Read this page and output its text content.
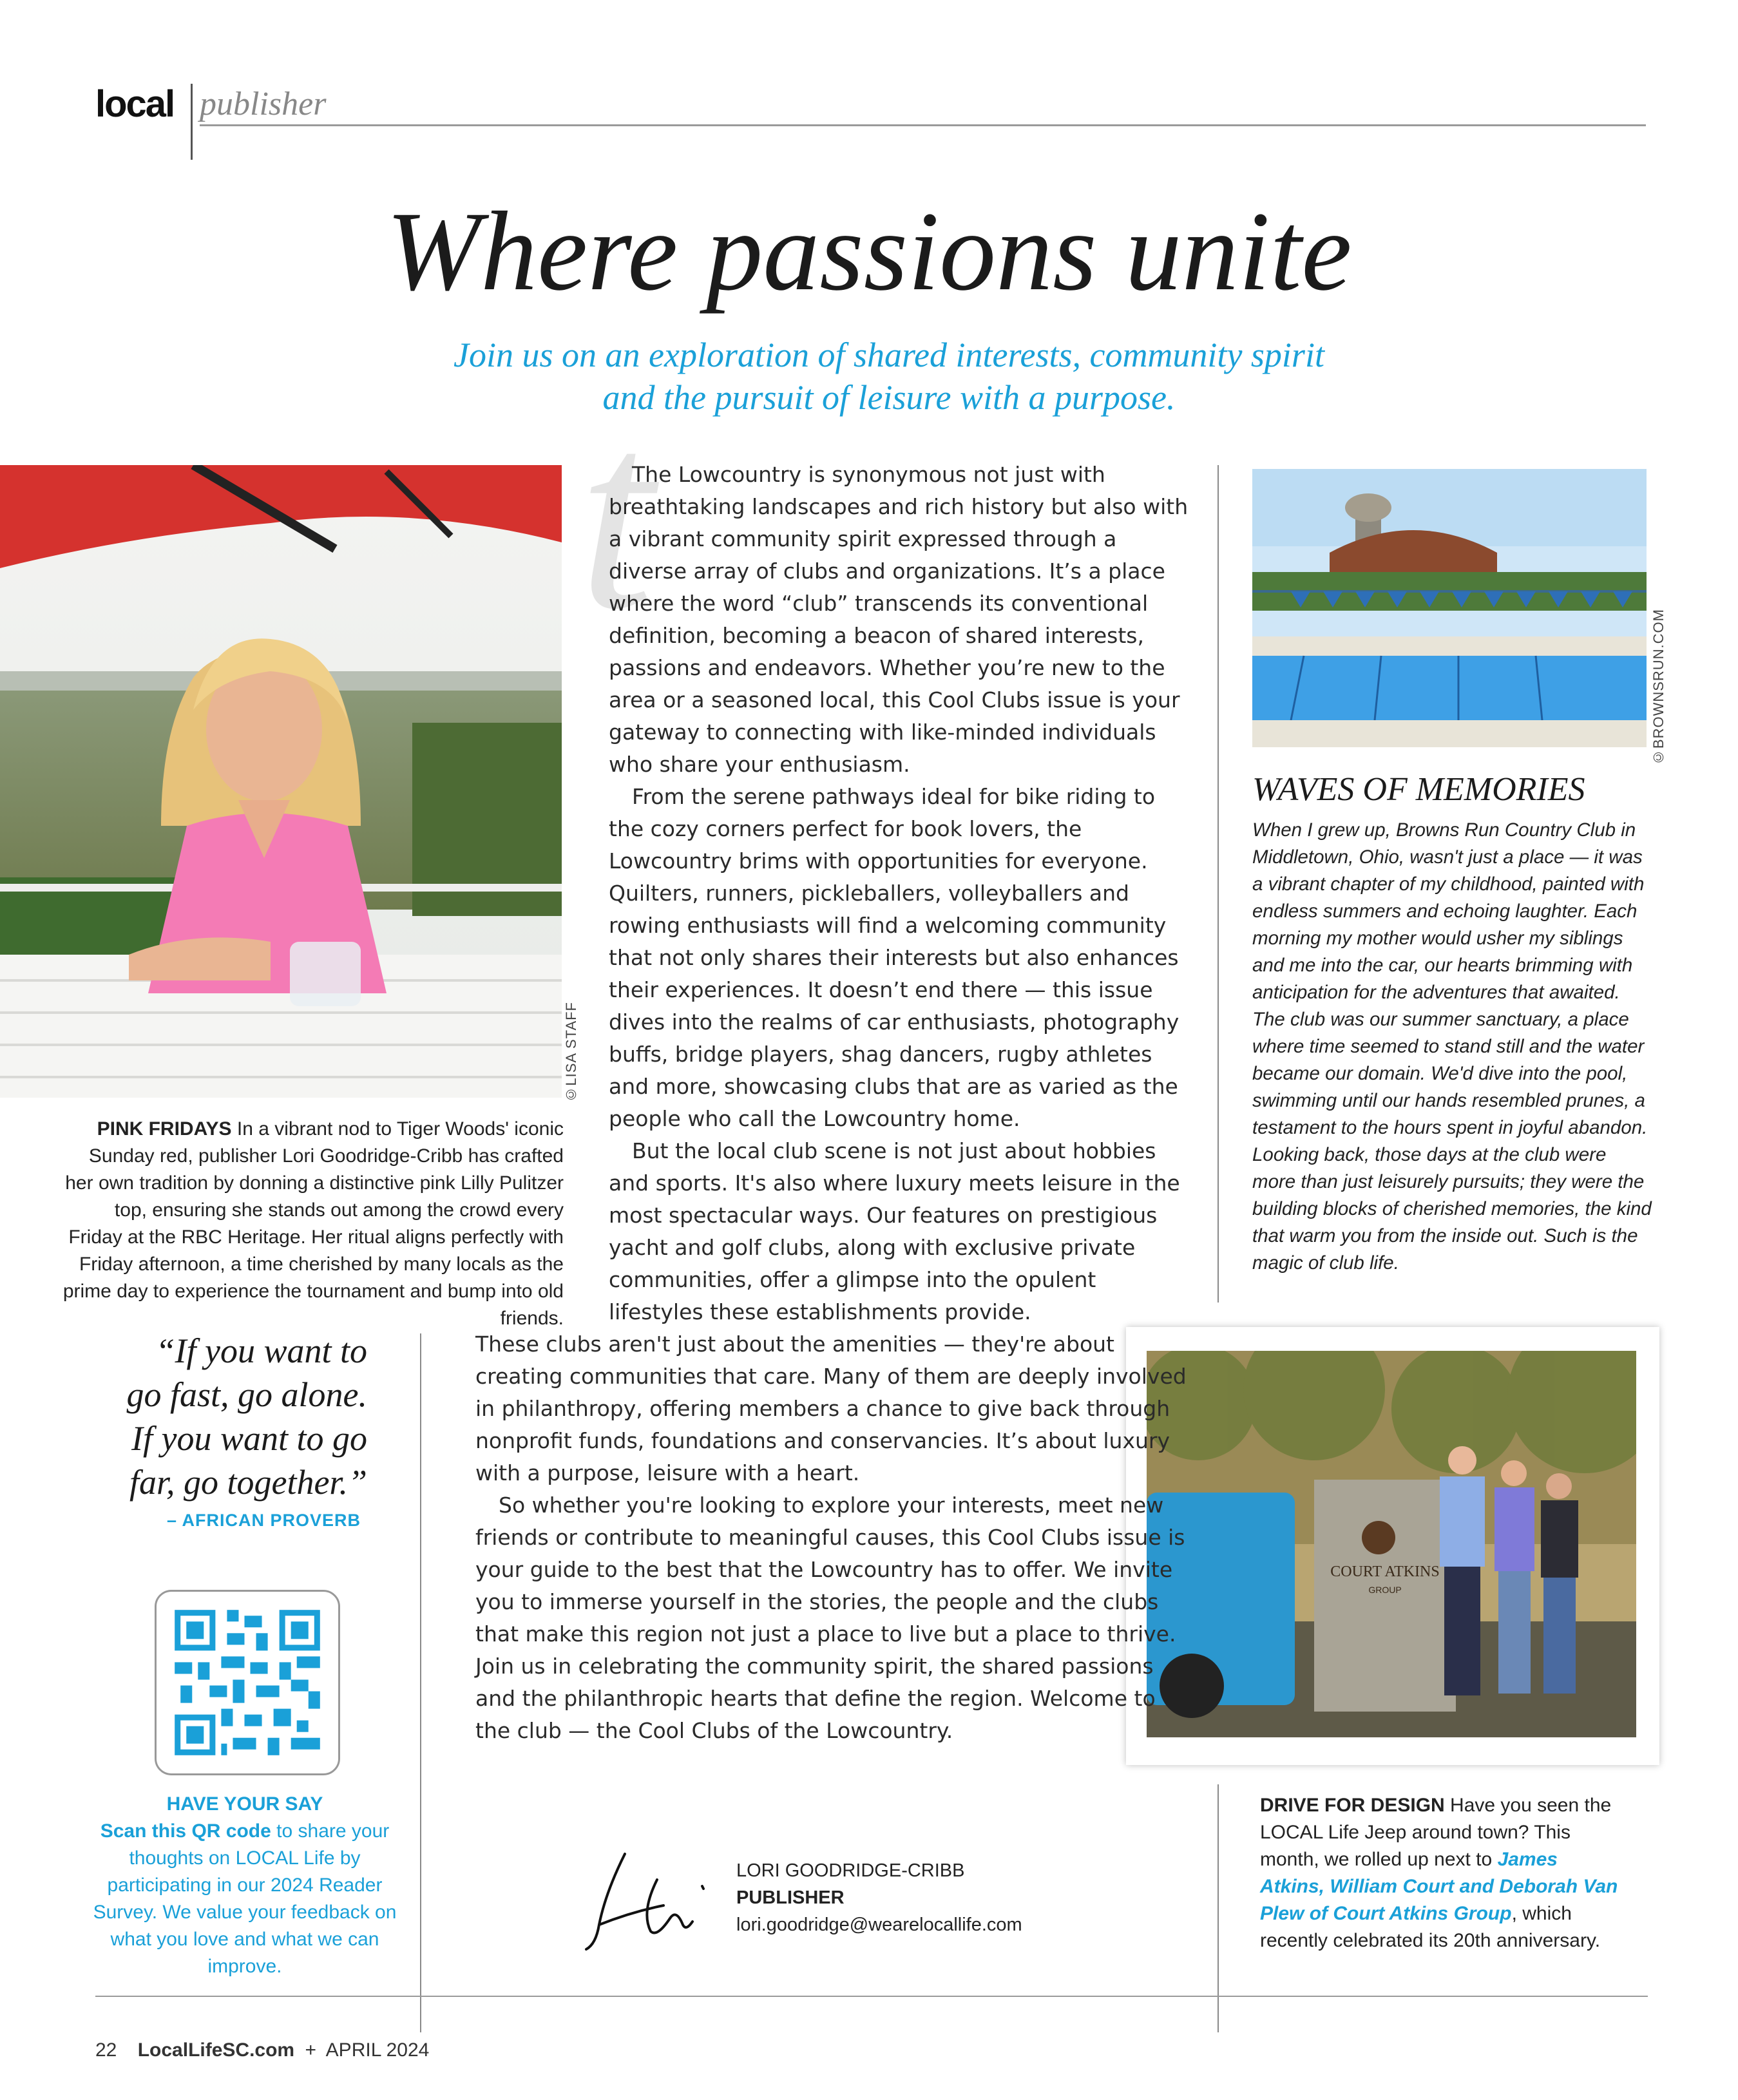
local publisher
Where passions unite
Join us on an exploration of shared interests, community spirit
and the pursuit of leisure with a purpose.
©LISA STAFF
PINK FRIDAYS In a vibrant nod to Tiger Woods' iconic Sunday red, publisher Lori Goodridge-Cribb has crafted her own tradition by donning a distinctive pink Lilly Pulitzer top, ensuring she stands out among the crowd every Friday at the RBC Heritage. Her ritual aligns perfectly with Friday afternoon, a time cherished by many locals as the prime day to experience the tournament and bump into old friends.
t

The Lowcountry is synonymous not just with breathtaking landscapes and rich history but also with a vibrant community spirit expressed through a diverse array of clubs and organizations. It’s a place where the word “club” transcends its conventional definition, becoming a beacon of shared interests, passions and endeavors. Whether you’re new to the area or a seasoned local, this Cool Clubs issue is your gateway to connecting with like-minded individuals who share your enthusiasm.

From the serene pathways ideal for bike riding to the cozy corners perfect for book lovers, the Lowcountry brims with opportunities for everyone. Quilters, runners, pickleballers, volleyballers and rowing enthusiasts will find a welcoming community that not only shares their interests but also enhances their experiences. It doesn’t end there — this issue dives into the realms of car enthusiasts, photography buffs, bridge players, shag dancers, rugby athletes and more, showcasing clubs that are as varied as the people who call the Lowcountry home.

But the local club scene is not just about hobbies and sports. It's also where luxury meets leisure in the most spectacular ways. Our features on prestigious yacht and golf clubs, along with exclusive private communities, offer a glimpse into the opulent lifestyles these establishments provide.

These clubs aren't just about the amenities — they're about creating communities that care. Many of them are deeply involved in philanthropy, offering members a chance to give back through nonprofit funds, foundations and conservancies. It’s about luxury with a purpose, leisure with a heart.

So whether you're looking to explore your interests, meet new friends or contribute to meaningful causes, this Cool Clubs issue is your guide to the best that the Lowcountry has to offer. We invite you to immerse yourself in the stories, the people and the clubs that make this region not just a place to live but a place to thrive. Join us in celebrating the community spirit, the shared passions and the philanthropic hearts that define the region. Welcome to the club — the Cool Clubs of the Lowcountry.

“If you want to
go fast, go alone.
If you want to go
far, go together.”
– AFRICAN PROVERB
HAVE YOUR SAY
Scan this QR code to share your thoughts on LOCAL Life by participating in our 2024 Reader Survey. We value your feedback on what you love and what we can improve.
©BROWNSRUN.COM
WAVES OF MEMORIES
When I grew up, Browns Run Country Club in Middletown, Ohio, wasn't just a place — it was a vibrant chapter of my childhood, painted with endless summers and echoing laughter. Each morning my mother would usher my siblings and me into the car, our hearts brimming with anticipation for the adventures that awaited. The club was our summer sanctuary, a place where time seemed to stand still and the water became our domain. We'd dive into the pool, swimming until our hands resembled prunes, a testament to the hours spent in joyful abandon. Looking back, those days at the club were more than just leisurely pursuits; they were the building blocks of cherished memories, the kind that warm you from the inside out. Such is the magic of club life.
COURT ATKINS
GROUP
DRIVE FOR DESIGN Have you seen the LOCAL Life Jeep around town? This month, we rolled up next to James Atkins, William Court and Deborah Van Plew of Court Atkins Group, which recently celebrated its 20th anniversary.
LORI GOODRIDGE-CRIBB
PUBLISHER
lori.goodridge@wearelocallife.com
22 LocalLifeSC.com + APRIL 2024
